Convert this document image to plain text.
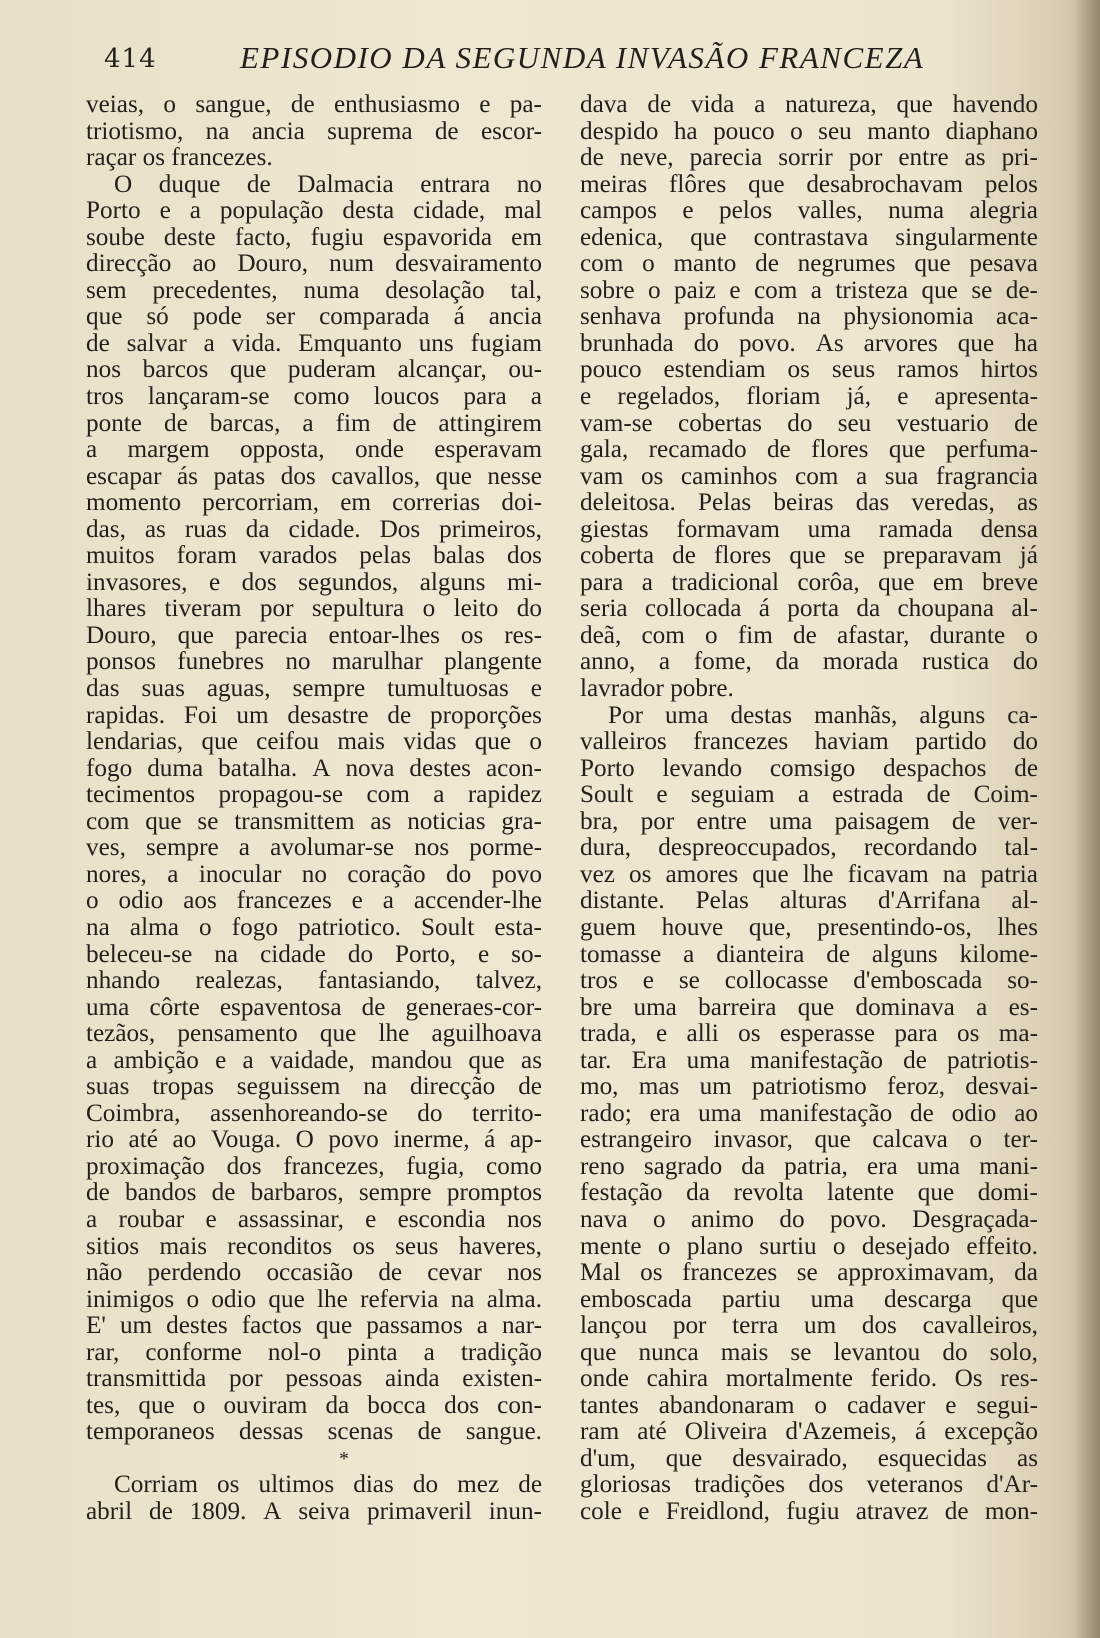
414	EPISODIO DA SEGUNDA INVASÃO FRANCEZA
veias, o sangue, de enthusiasmo e pa-
triotismo, na ancia suprema de escor-
raçar os francezes.
O duque de Dalmacia entrara no
Porto e a população desta cidade, mal
soube deste facto, fugiu espavorida em
direcção ao Douro, num desvairamento
sem precedentes, numa desolação tal,
que só pode ser comparada á ancia
de salvar a vida. Emquanto uns fugiam
nos barcos que puderam alcançar, ou-
tros lançaram-se como loucos para a
ponte de barcas, a fim de attingirem
a margem opposta, onde esperavam
escapar ás patas dos cavallos, que nesse
momento percorriam, em correrias doi-
das, as ruas da cidade. Dos primeiros,
muitos foram varados pelas balas dos
invasores, e dos segundos, alguns mi-
lhares tiveram por sepultura o leito do
Douro, que parecia entoar-lhes os res-
ponsos funebres no marulhar plangente
das suas aguas, sempre tumultuosas e
rapidas. Foi um desastre de proporções
lendarias, que ceifou mais vidas que o
fogo duma batalha. A nova destes acon-
tecimentos propagou-se com a rapidez
com que se transmittem as noticias gra-
ves, sempre a avolumar-se nos pormе-
nores, a inocular no coração do povo
o odio aos francezes e a accender-lhe
na alma o fogo patriotico. Soult esta-
beleceu-se na cidade do Porto, e so-
nhando realezas, fantasiando, talvez,
uma côrte espaventosa de generaes-cor-
tezãos, pensamento que lhe aguilhoava
a ambição e a vaidade, mandou que as
suas tropas seguissem na direcção de
Coimbra, assenhoreando-se do territo-
rio até ao Vouga. O povo inerme, á ap-
proximação dos francezes, fugia, como
de bandos de barbaros, sempre promptos
a roubar e assassinar, e escondia nos
sitios mais reconditos os seus haveres,
não perdendo occasião de cevar nos
inimigos o odio que lhe refervia na alma.
E' um destes factos que passamos a nar-
rar, conforme nol-o pinta a tradição
transmittida por pessoas ainda existen-
tes, que o ouviram da bocca dos con-
temporaneos dessas scenas de sangue.
*
Corriam os ultimos dias do mez de
abril de 1809. A seiva primaveril inun-
dava de vida a natureza, que havendo
despido ha pouco o seu manto diaphano
de neve, parecia sorrir por entre as pri-
meiras flôres que desabrochavam pelos
campos e pelos valles, numa alegria
edenica, que contrastava singularmente
com o manto de negrumes que pesava
sobre o paiz e com a tristeza que se de-
senhava profunda na physionomia aca-
brunhada do povo. As arvores que ha
pouco estendiam os seus ramos hirtos
e regelados, floriam já, e apresenta-
vam-se cobertas do seu vestuario de
gala, recamado de flores que perfuma-
vam os caminhos com a sua fragrancia
deleitosa. Pelas beiras das veredas, as
giestas formavam uma ramada densa
coberta de flores que se preparavam já
para a tradicional corôa, que em breve
seria collocada á porta da choupana al-
deã, com o fim de afastar, durante o
anno, a fome, da morada rustica do
lavrador pobre.
Por uma destas manhãs, alguns ca-
valleiros francezes haviam partido do
Porto levando comsigo despachos de
Soult e seguiam a estrada de Coim-
bra, por entre uma paisagem de ver-
dura, despreoccupados, recordando tal-
vez os amores que lhe ficavam na patria
distante. Pelas alturas d'Arrifana al-
guem houve que, presentindo-os, lhes
tomasse a dianteira de alguns kilome-
tros e se collocasse d'emboscada so-
bre uma barreira que dominava a es-
trada, e alli os esperasse para os ma-
tar. Era uma manifestação de patriotis-
mo, mas um patriotismo feroz, desvai-
rado; era uma manifestação de odio ao
estrangeiro invasor, que calcava o ter-
reno sagrado da patria, era uma mani-
festação da revolta latente que domi-
nava o animo do povo. Desgraçada-
mente o plano surtiu o desejado effeito.
Mal os francezes se approximavam, da
emboscada partiu uma descarga que
lançou por terra um dos cavalleiros,
que nunca mais se levantou do solo,
onde cahira mortalmente ferido. Os res-
tantes abandonaram o cadaver e segui-
ram até Oliveira d'Azemeis, á excepção
d'um, que desvairado, esquecidas as
gloriosas tradições dos veteranos d'Ar-
cole e Freidlond, fugiu atravez de mon-
